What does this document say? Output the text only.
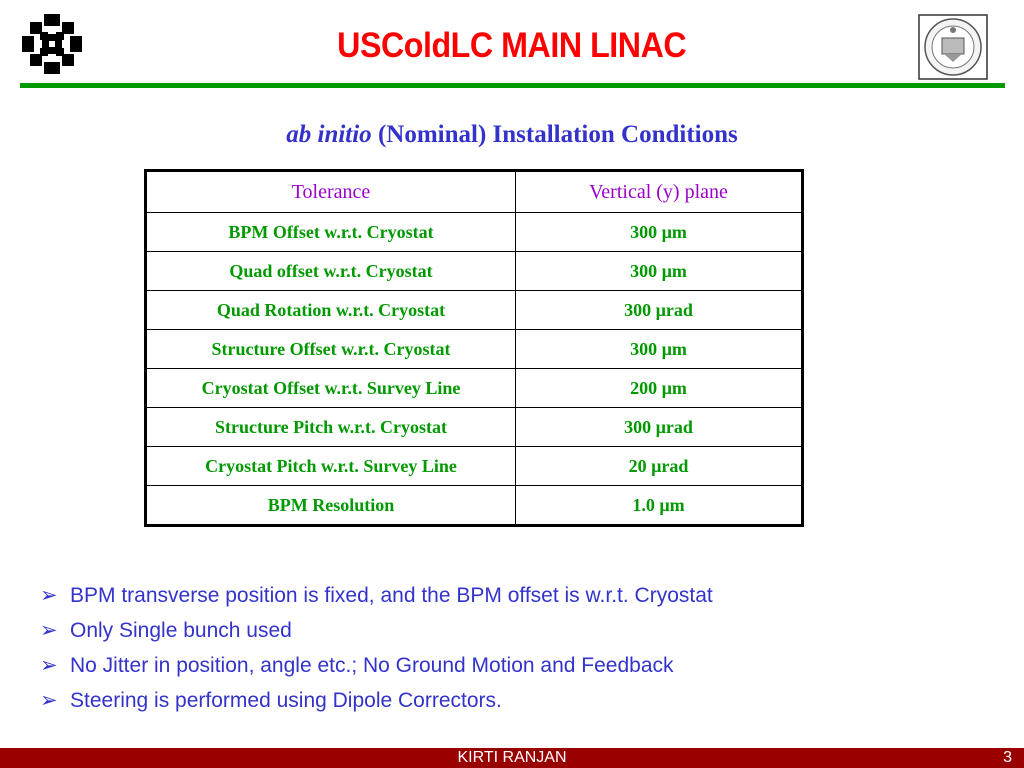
USColdLC MAIN LINAC
ab initio (Nominal) Installation Conditions
Tolerance	Vertical (y) plane
BPM Offset w.r.t. Cryostat	300 µm
Quad offset w.r.t. Cryostat	300 µm
Quad Rotation w.r.t. Cryostat	300 µrad
Structure Offset w.r.t. Cryostat	300 µm
Cryostat Offset w.r.t. Survey Line	200 µm
Structure Pitch w.r.t. Cryostat	300 µrad
Cryostat Pitch w.r.t. Survey Line	20 µrad
BPM Resolution	1.0 µm
➢ BPM transverse position is fixed, and the BPM offset is w.r.t. Cryostat
➢ Only Single bunch used
➢ No Jitter in position, angle etc.; No Ground Motion and Feedback
➢ Steering is performed using Dipole Correctors.
KIRTI RANJAN	3
